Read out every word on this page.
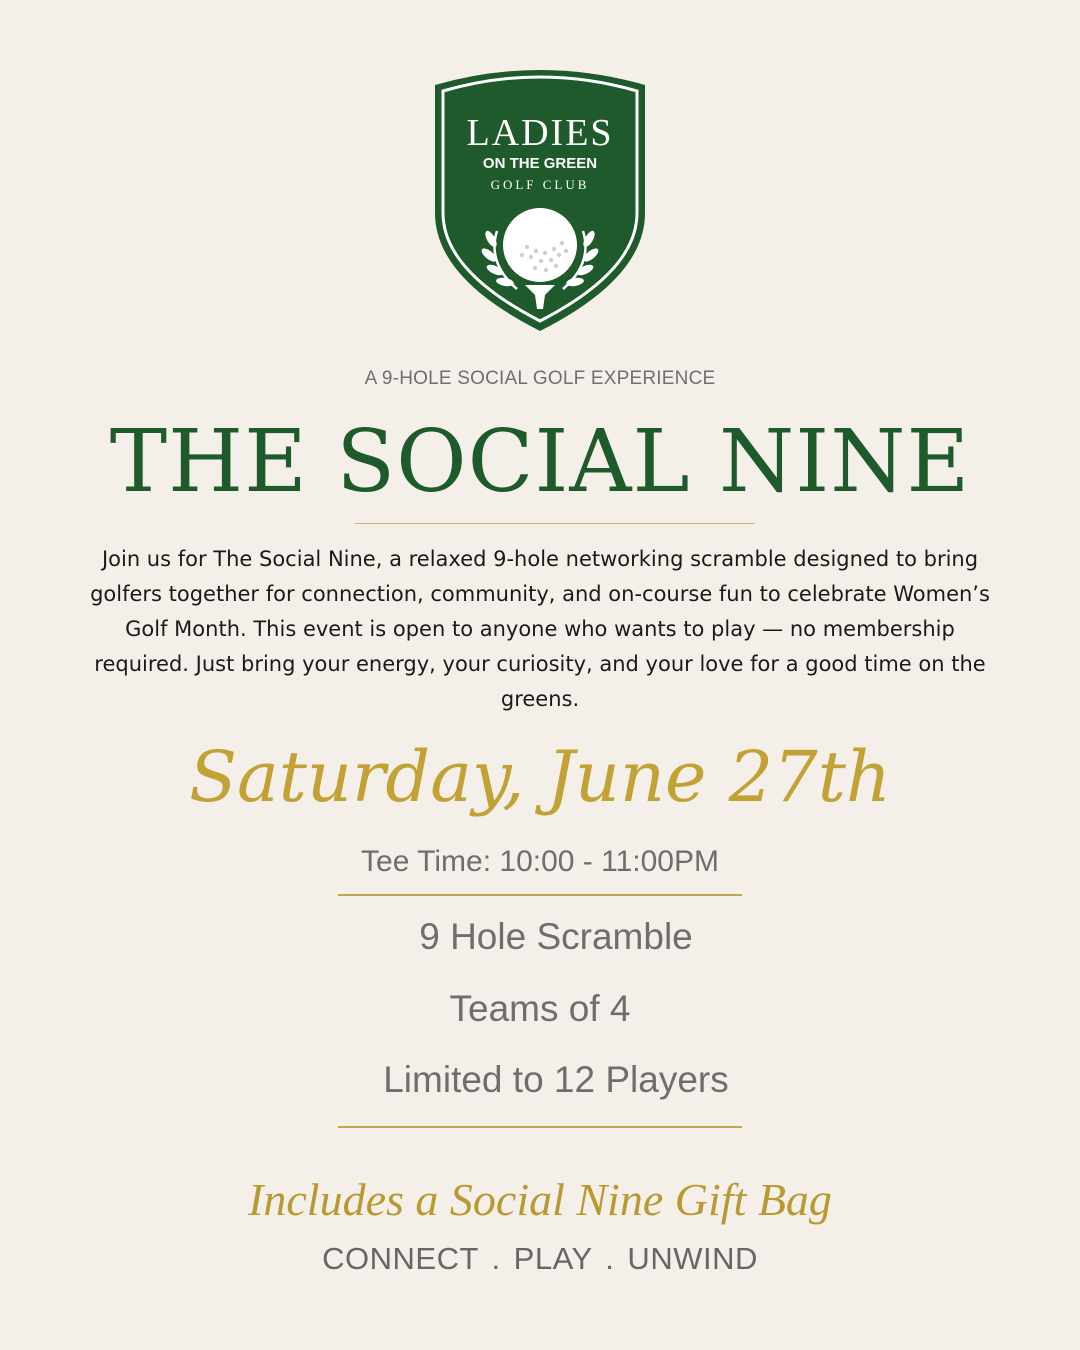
LADIES
ON THE GREEN
GOLF CLUB
A 9-HOLE SOCIAL GOLF EXPERIENCE
THE SOCIAL NINE
Join us for The Social Nine, a relaxed 9-hole networking scramble designed to bring golfers together for connection, community, and on-course fun to celebrate Women’s Golf Month. This event is open to anyone who wants to play — no membership required. Just bring your energy, your curiosity, and your love for a good time on the greens.
Saturday, June 27th
Tee Time: 10:00 - 11:00PM
9 Hole Scramble
Teams of 4
Limited to 12 Players
Includes a Social Nine Gift Bag
CONNECT . PLAY . UNWIND
